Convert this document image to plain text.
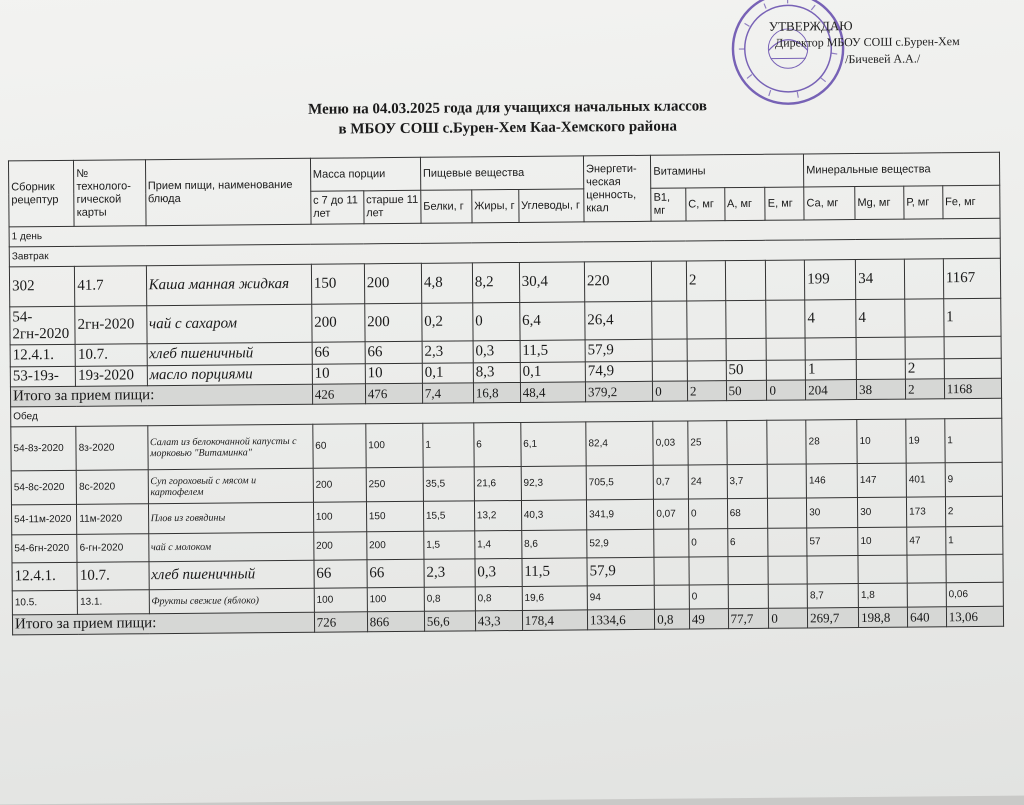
УТВЕРЖДАЮ
Директор МБОУ СОШ с.Бурен-Хем
/Бичевей А.А./
Меню на 04.03.2025 года для учащихся начальных классов
в МБОУ СОШ с.Бурен-Хем Каа-Хемского района
Сборник рецептур	№ технолого-гической карты	Прием пищи, наименование блюда	Масса порции		Пищевые вещества			Энергети-ческая ценность, ккал	Витамины				Минеральные вещества			
			с 7 до 11 лет	старше 11 лет	Белки, г	Жиры, г	Углеводы, г		В1, мг	С, мг	А, мг	Е, мг	Са, мг	Mg, мг	Р, мг	Fe, мг
1 день																
Завтрак																
302	41.7	Каша манная жидкая	150	200	4,8	8,2	30,4	220		2			199	34		1167
54-2гн-2020	2гн-2020	чай с сахаром	200	200	0,2	0	6,4	26,4					4	4		1
12.4.1.	10.7.	хлеб пшеничный	66	66	2,3	0,3	11,5	57,9								
53-19з-	19з-2020	масло порциями	10	10	0,1	8,3	0,1	74,9			50		1		2	
Итого за прием пищи:			426	476	7,4	16,8	48,4	379,2	0	2	50	0	204	38	2	1168
Обед																
54-8з-2020	8з-2020	Салат из белокочанной капусты с морковью "Витаминка"	60	100	1	6	6,1	82,4	0,03	25			28	10	19	1
54-8с-2020	8с-2020	Суп гороховый с мясом и картофелем	200	250	35,5	21,6	92,3	705,5	0,7	24	3,7		146	147	401	9
54-11м-2020	11м-2020	Плов из говядины	100	150	15,5	13,2	40,3	341,9	0,07	0	68		30	30	173	2
54-6гн-2020	6-гн-2020	чай с молоком	200	200	1,5	1,4	8,6	52,9		0	6		57	10	47	1
12.4.1.	10.7.	хлеб пшеничный	66	66	2,3	0,3	11,5	57,9								
10.5.	13.1.	Фрукты свежие (яблоко)	100	100	0,8	0,8	19,6	94		0			8,7	1,8		0,06
Итого за прием пищи:			726	866	56,6	43,3	178,4	1334,6	0,8	49	77,7	0	269,7	198,8	640	13,06
